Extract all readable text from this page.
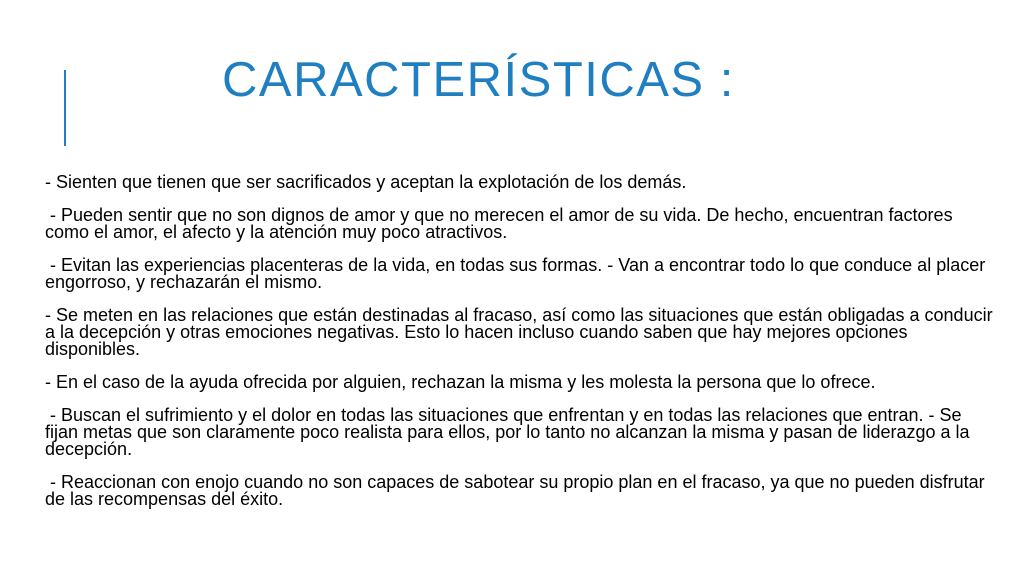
CARACTERÍSTICAS :

- Sienten que tienen que ser sacrificados y aceptan la explotación de los demás.

- Pueden sentir que no son dignos de amor y que no merecen el amor de su vida. De hecho, encuentran factores como el amor, el afecto y la atención muy poco atractivos.

- Evitan las experiencias placenteras de la vida, en todas sus formas. - Van a encontrar todo lo que conduce al placer engorroso, y rechazarán el mismo.

- Se meten en las relaciones que están destinadas al fracaso, así como las situaciones que están obligadas a conducir a la decepción y otras emociones negativas. Esto lo hacen incluso cuando saben que hay mejores opciones disponibles.

- En el caso de la ayuda ofrecida por alguien, rechazan la misma y les molesta la persona que lo ofrece.

- Buscan el sufrimiento y el dolor en todas las situaciones que enfrentan y en todas las relaciones que entran. - Se fijan metas que son claramente poco realista para ellos, por lo tanto no alcanzan la misma y pasan de liderazgo a la decepción.

- Reaccionan con enojo cuando no son capaces de sabotear su propio plan en el fracaso, ya que no pueden disfrutar de las recompensas del éxito.
